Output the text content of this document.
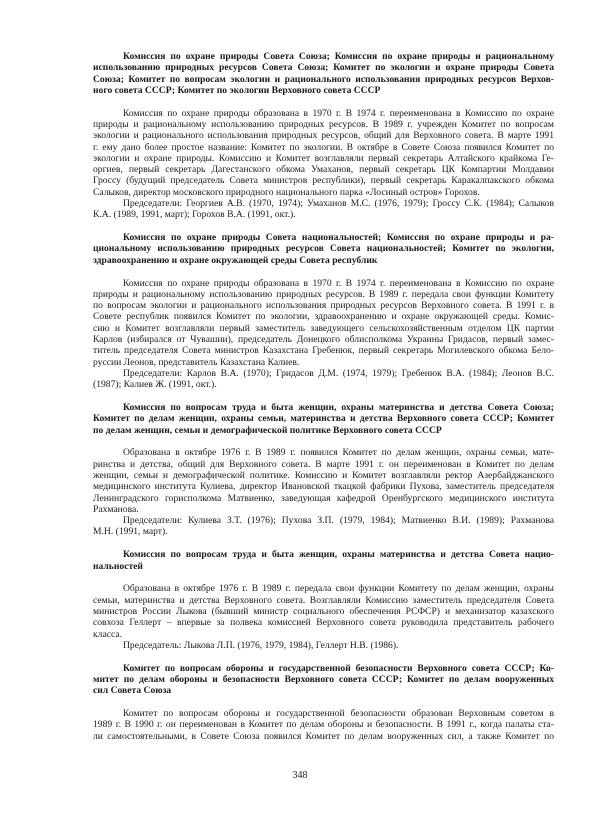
Комиссия по охране природы Совета Союза; Комиссия по охране природы и рациональному
использованию природных ресурсов Совета Союза; Комитет по экологии и охране природы Совета
Союза; Комитет по вопросам экологии и рационального использования природных ресурсов Верхов-
ного совета СССР; Комитет по экологии Верховного совета СССР
Комиссия по охране природы образована в 1970 г. В 1974 г. переименована в Комиссию по охране
природы и рациональному использованию природных ресурсов. В 1989 г. учрежден Комитет по вопросам
экологии и рационального использования природных ресурсов, общий для Верховного совета. В марте 1991
г. ему дано более простое название: Комитет по экологии. В октябре в Совете Союза появился Комитет по
экологии и охране природы. Комиссию и Комитет возглавляли первый секретарь Алтайского крайкома Ге-
оргиев, первый секретарь Дагестанского обкома Умаханов, первый секретарь ЦК Компартии Молдавии
Гроссу (будущий председатель Совета министров республики), первый секретарь Каракалпакского обкома
Салыков, директор московского природного национального парка «Лосиный остров» Горохов.
Председатели: Георгиев А.В. (1970, 1974); Умаханов М.С. (1976, 1979); Гроссу С.К. (1984); Салыков
К.А. (1989, 1991, март); Горохов В.А. (1991, окт.).
Комиссия по охране природы Совета национальностей; Комиссия по охране природы и ра-
циональному использованию природных ресурсов Совета национальностей; Комитет по экологии,
здравоохранению и охране окружающей среды Совета республик
Комиссия по охране природы образована в 1970 г. В 1974 г. переименована в Комиссию по охране
природы и рациональному использованию природных ресурсов. В 1989 г. передала свои функции Комитету
по вопросам экологии и рационального использования природных ресурсов Верховного совета. В 1991 г. в
Совете республик появился Комитет по экологии, здравоохранению и охране окружающей среды. Комис-
сию и Комитет возглавляли первый заместитель заведующего сельскохозяйственным отделом ЦК партии
Карлов (избирался от Чувашии), председатель Донецкого облисполкома Украины Гридасов, первый замес-
титель председателя Совета министров Казахстана Гребенюк, первый секретарь Могилевского обкома Бело-
руссии Леонов, представитель Казахстана Калиев.
Председатели: Карлов В.А. (1970); Гридасов Д.М. (1974, 1979); Гребенюк В.А. (1984); Леонов В.С.
(1987); Калиев Ж. (1991, окт.).
Комиссия по вопросам труда и быта женщин, охраны материнства и детства Совета Союза;
Комитет по делам женщин, охраны семьи, материнства и детства Верховного совета СССР; Комитет
по делам женщин, семьи и демографической политике Верховного совета СССР
Образована в октябре 1976 г. В 1989 г. появился Комитет по делам женщин, охраны семьи, мате-
ринства и детства, общий для Верховного совета. В марте 1991 г. он переименован в Комитет по делам
женщин, семьи и демографической политике. Комиссию и Комитет возглавляли ректор Азербайджанского
медицинского института Кулиева, директор Ивановской ткацкой фабрики Пухова, заместитель председателя
Ленинградского горисполкома Матвиенко, заведующая кафедрой Оренбургского медицинского института
Рахманова.
Председатели: Кулиева З.Т. (1976); Пухова З.П. (1979, 1984); Матвиенко В.И. (1989); Рахманова
М.Н. (1991, март).
Комиссия по вопросам труда и быта женщин, охраны материнства и детства Совета нацио-
нальностей
Образована в октябре 1976 г. В 1989 г. передала свои функции Комитету по делам женщин, охраны
семьи, материнства и детства Верховного совета. Возглавляли Комиссию заместитель председателя Совета
министров России Лыкова (бывший министр социального обеспечения РСФСР) и механизатор казахского
совхоза Геллерт – впервые за полвека комиссией Верховного совета руководила представитель рабочего
класса.
Председатель: Лыкова Л.П. (1976, 1979, 1984), Геллерт Н.В. (1986).
Комитет по вопросам обороны и государственной безопасности Верховного совета СССР; Ко-
митет по делам обороны и безопасности Верховного совета СССР; Комитет по делам вооруженных
сил Совета Союза
Комитет по вопросам обороны и государственной безопасности образован Верховным советом в
1989 г. В 1990 г. он переименован в Комитет по делам обороны и безопасности. В 1991 г., когда палаты ста-
ли самостоятельными, в Совете Союза появился Комитет по делам вооруженных сил, а также Комитет по
348
